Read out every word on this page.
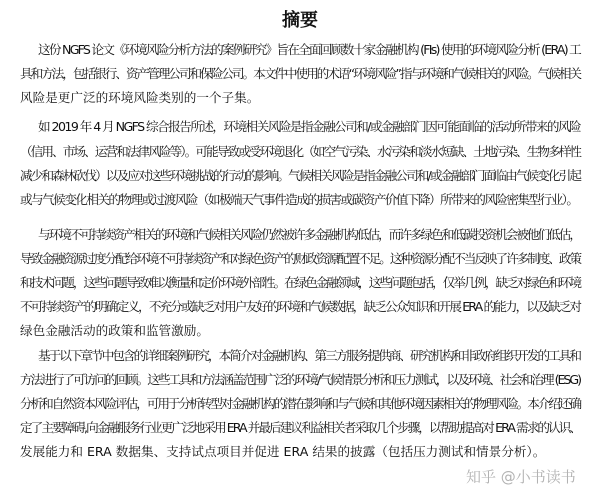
摘要
这份 NGFS 论文《环境风险分析方法的案例研究》旨在全面回顾数十家金融机构 (FIs) 使用的环境风险分析 (ERA) 工
具和方法，包括银行、资产管理公司和保险公司。本文件中使用的术语“环境风险”指与环境和气候相关的风险。气候相关
风险是更广泛的环境风险类别的一个子集。
如 2019 年 4 月 NGFS 综合报告所述，环境相关风险是指金融公司和/或金融部门因可能面临的活动所带来的风险
（信用、市场、运营和法律风险等）。可能导致或受环境退化（如空气污染、水污染和淡水短缺、土地污染、生物多样性
减少和森林砍伐）以及应对这些环境挑战的行动的影响。气候相关风险是指金融公司和/或金融部门面临由气候变化引起
或与气候变化相关的物理或过渡风险（如极端天气事件造成的损害或碳资产价值下降）所带来的风险密集型行业）。
与环境不可持续资产相关的环境和气候相关风险仍然被许多金融机构低估，而许多绿色和低碳投资机会被他们低估，
导致金融资源过度分配给环境不可持续资产和对绿色资产的财政资源配置不足。这种资源分配不当反映了许多制度、政策
和技术问题，这些问题导致难以衡量和定价环境外部性。在绿色金融领域，这些问题包括，仅举几例，缺乏对绿色和环境
不可持续资产的明确定义，不充分或缺乏对用户友好的环境和气候数据，缺乏公众知识和开展 ERA 的能力，以及缺乏对
绿色金融活动的政策和监管激励。
基于以下章节中包含的详细案例研究，本简介对金融机构、第三方服务提供商、研究机构和非政府组织开发的工具和
方法进行了可访问的回顾。这些工具和方法涵盖范围广泛的环境/气候情景分析和压力测试，以及环境、社会和治理 (ESG)
分析和自然资本风险评估，可用于分析转型对金融机构的潜在影响和与气候和其他环境因素相关的物理风险。本介绍还确
定了主要障碍,向金融服务行业更广泛地采用 ERA 并最后建议利益相关者采取几个步骤，以帮助提高对 ERA 需求的认识、
发展能力和 ERA 数据集、支持试点项目并促进 ERA 结果的披露（包括压力测试和情景分析）。
知乎 @小书读书
